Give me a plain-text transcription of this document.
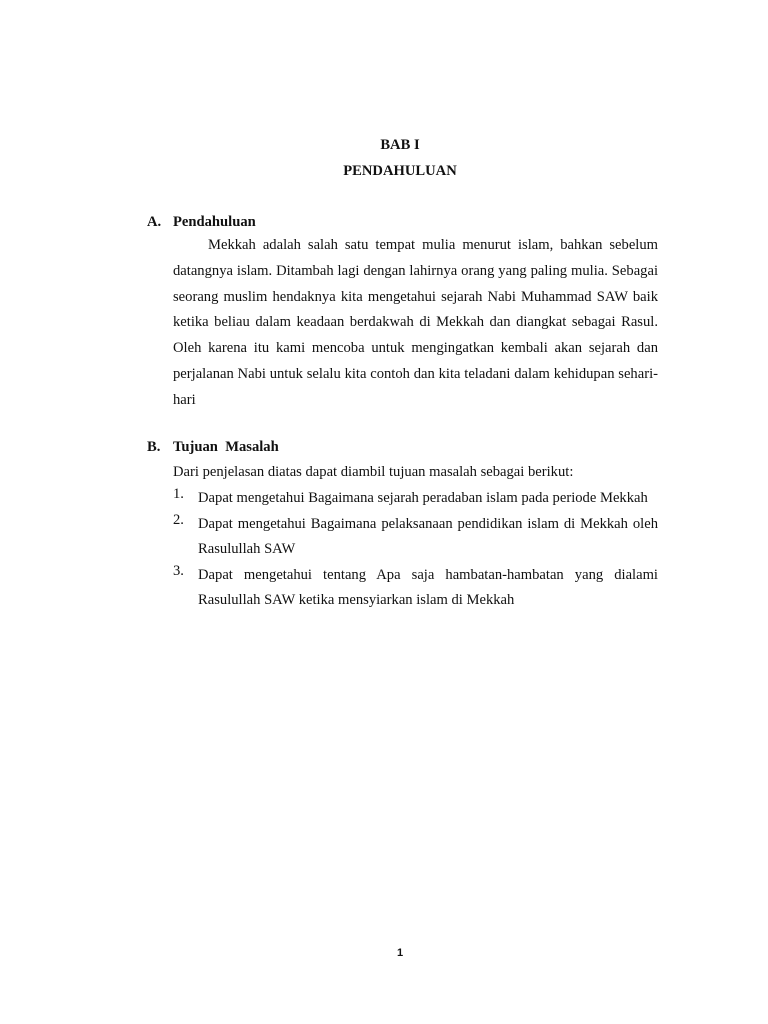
BAB I
PENDAHULUAN
A. Pendahuluan

Mekkah adalah salah satu tempat mulia menurut islam, bahkan sebelum datangnya islam. Ditambah lagi dengan lahirnya orang yang paling mulia. Sebagai seorang muslim hendaknya kita mengetahui sejarah Nabi Muhammad SAW baik ketika beliau dalam keadaan berdakwah di Mekkah dan diangkat sebagai Rasul. Oleh karena itu kami mencoba untuk mengingatkan kembali akan sejarah dan perjalanan Nabi untuk selalu kita contoh dan kita teladani dalam kehidupan sehari-hari

B. Tujuan  Masalah
Dari penjelasan diatas dapat diambil tujuan masalah sebagai berikut:
1. Dapat mengetahui Bagaimana sejarah peradaban islam pada periode Mekkah
2. Dapat mengetahui Bagaimana pelaksanaan pendidikan islam di Mekkah oleh Rasulullah SAW
3. Dapat mengetahui tentang Apa saja hambatan-hambatan yang dialami Rasulullah SAW ketika mensyiarkan islam di Mekkah
1
